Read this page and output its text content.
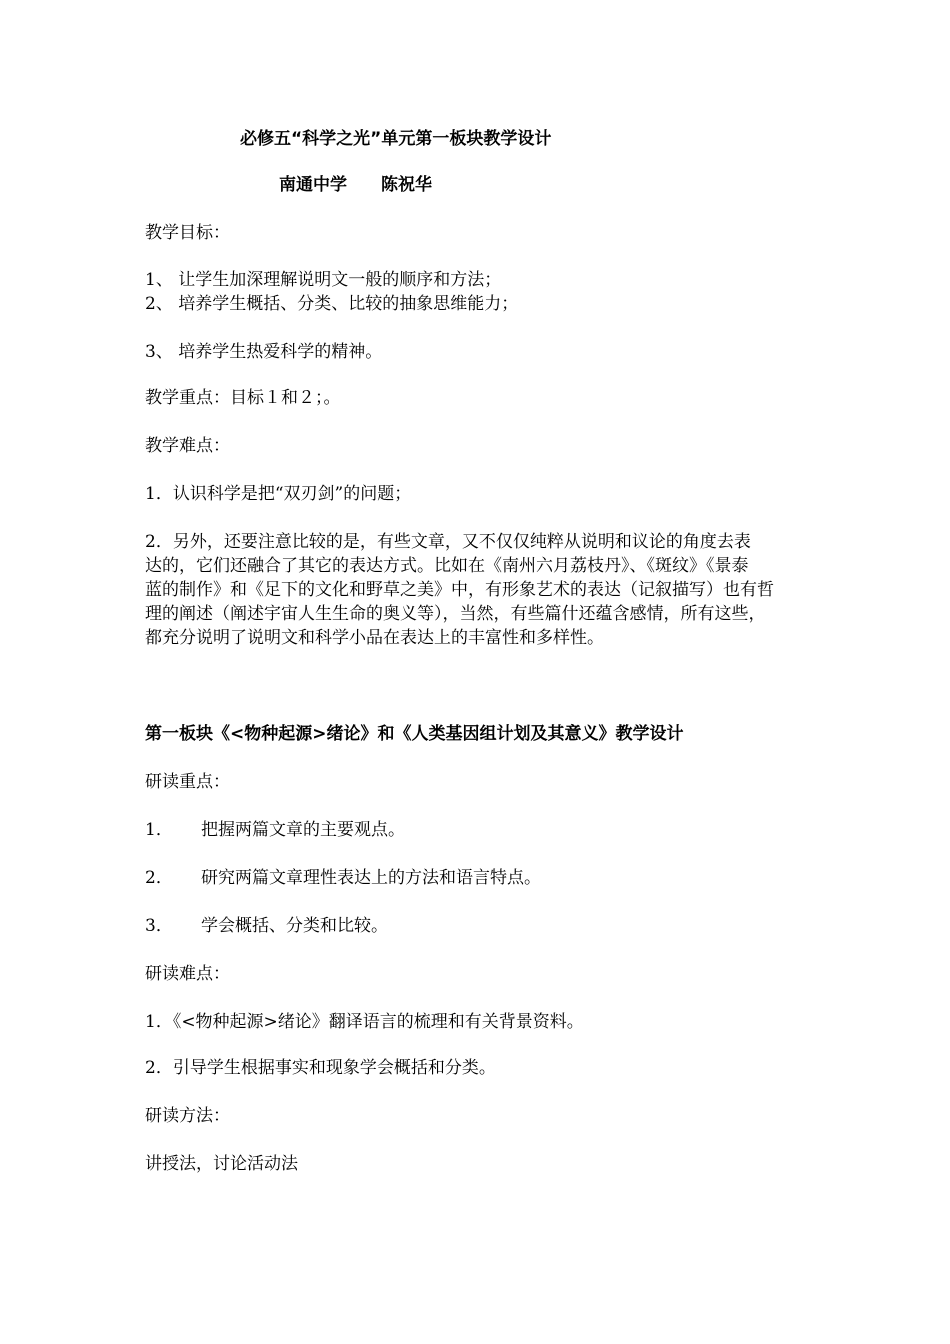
必修五“科学之光”单元第一板块教学设计
南通中学　　陈祝华
教学目标：
1、 让学生加深理解说明文一般的顺序和方法；
2、 培养学生概括、分类、比较的抽象思维能力；
3、 培养学生热爱科学的精神。
教学重点：目标１和２；。
教学难点：
1．认识科学是把“双刃剑”的问题；
2．另外，还要注意比较的是，有些文章，又不仅仅纯粹从说明和议论的角度去表
达的，它们还融合了其它的表达方式。比如在《南州六月荔枝丹》、《斑纹》《景泰
蓝的制作》和《足下的文化和野草之美》中，有形象艺术的表达（记叙描写）也有哲
理的阐述（阐述宇宙人生生命的奥义等），当然，有些篇什还蕴含感情，所有这些，
都充分说明了说明文和科学小品在表达上的丰富性和多样性。
第一板块《<物种起源>绪论》和《人类基因组计划及其意义》教学设计
研读重点：
1． 把握两篇文章的主要观点。
2． 研究两篇文章理性表达上的方法和语言特点。
3． 学会概括、分类和比较。
研读难点：
1．《<物种起源>绪论》翻译语言的梳理和有关背景资料。
2．引导学生根据事实和现象学会概括和分类。
研读方法：
讲授法，讨论活动法
